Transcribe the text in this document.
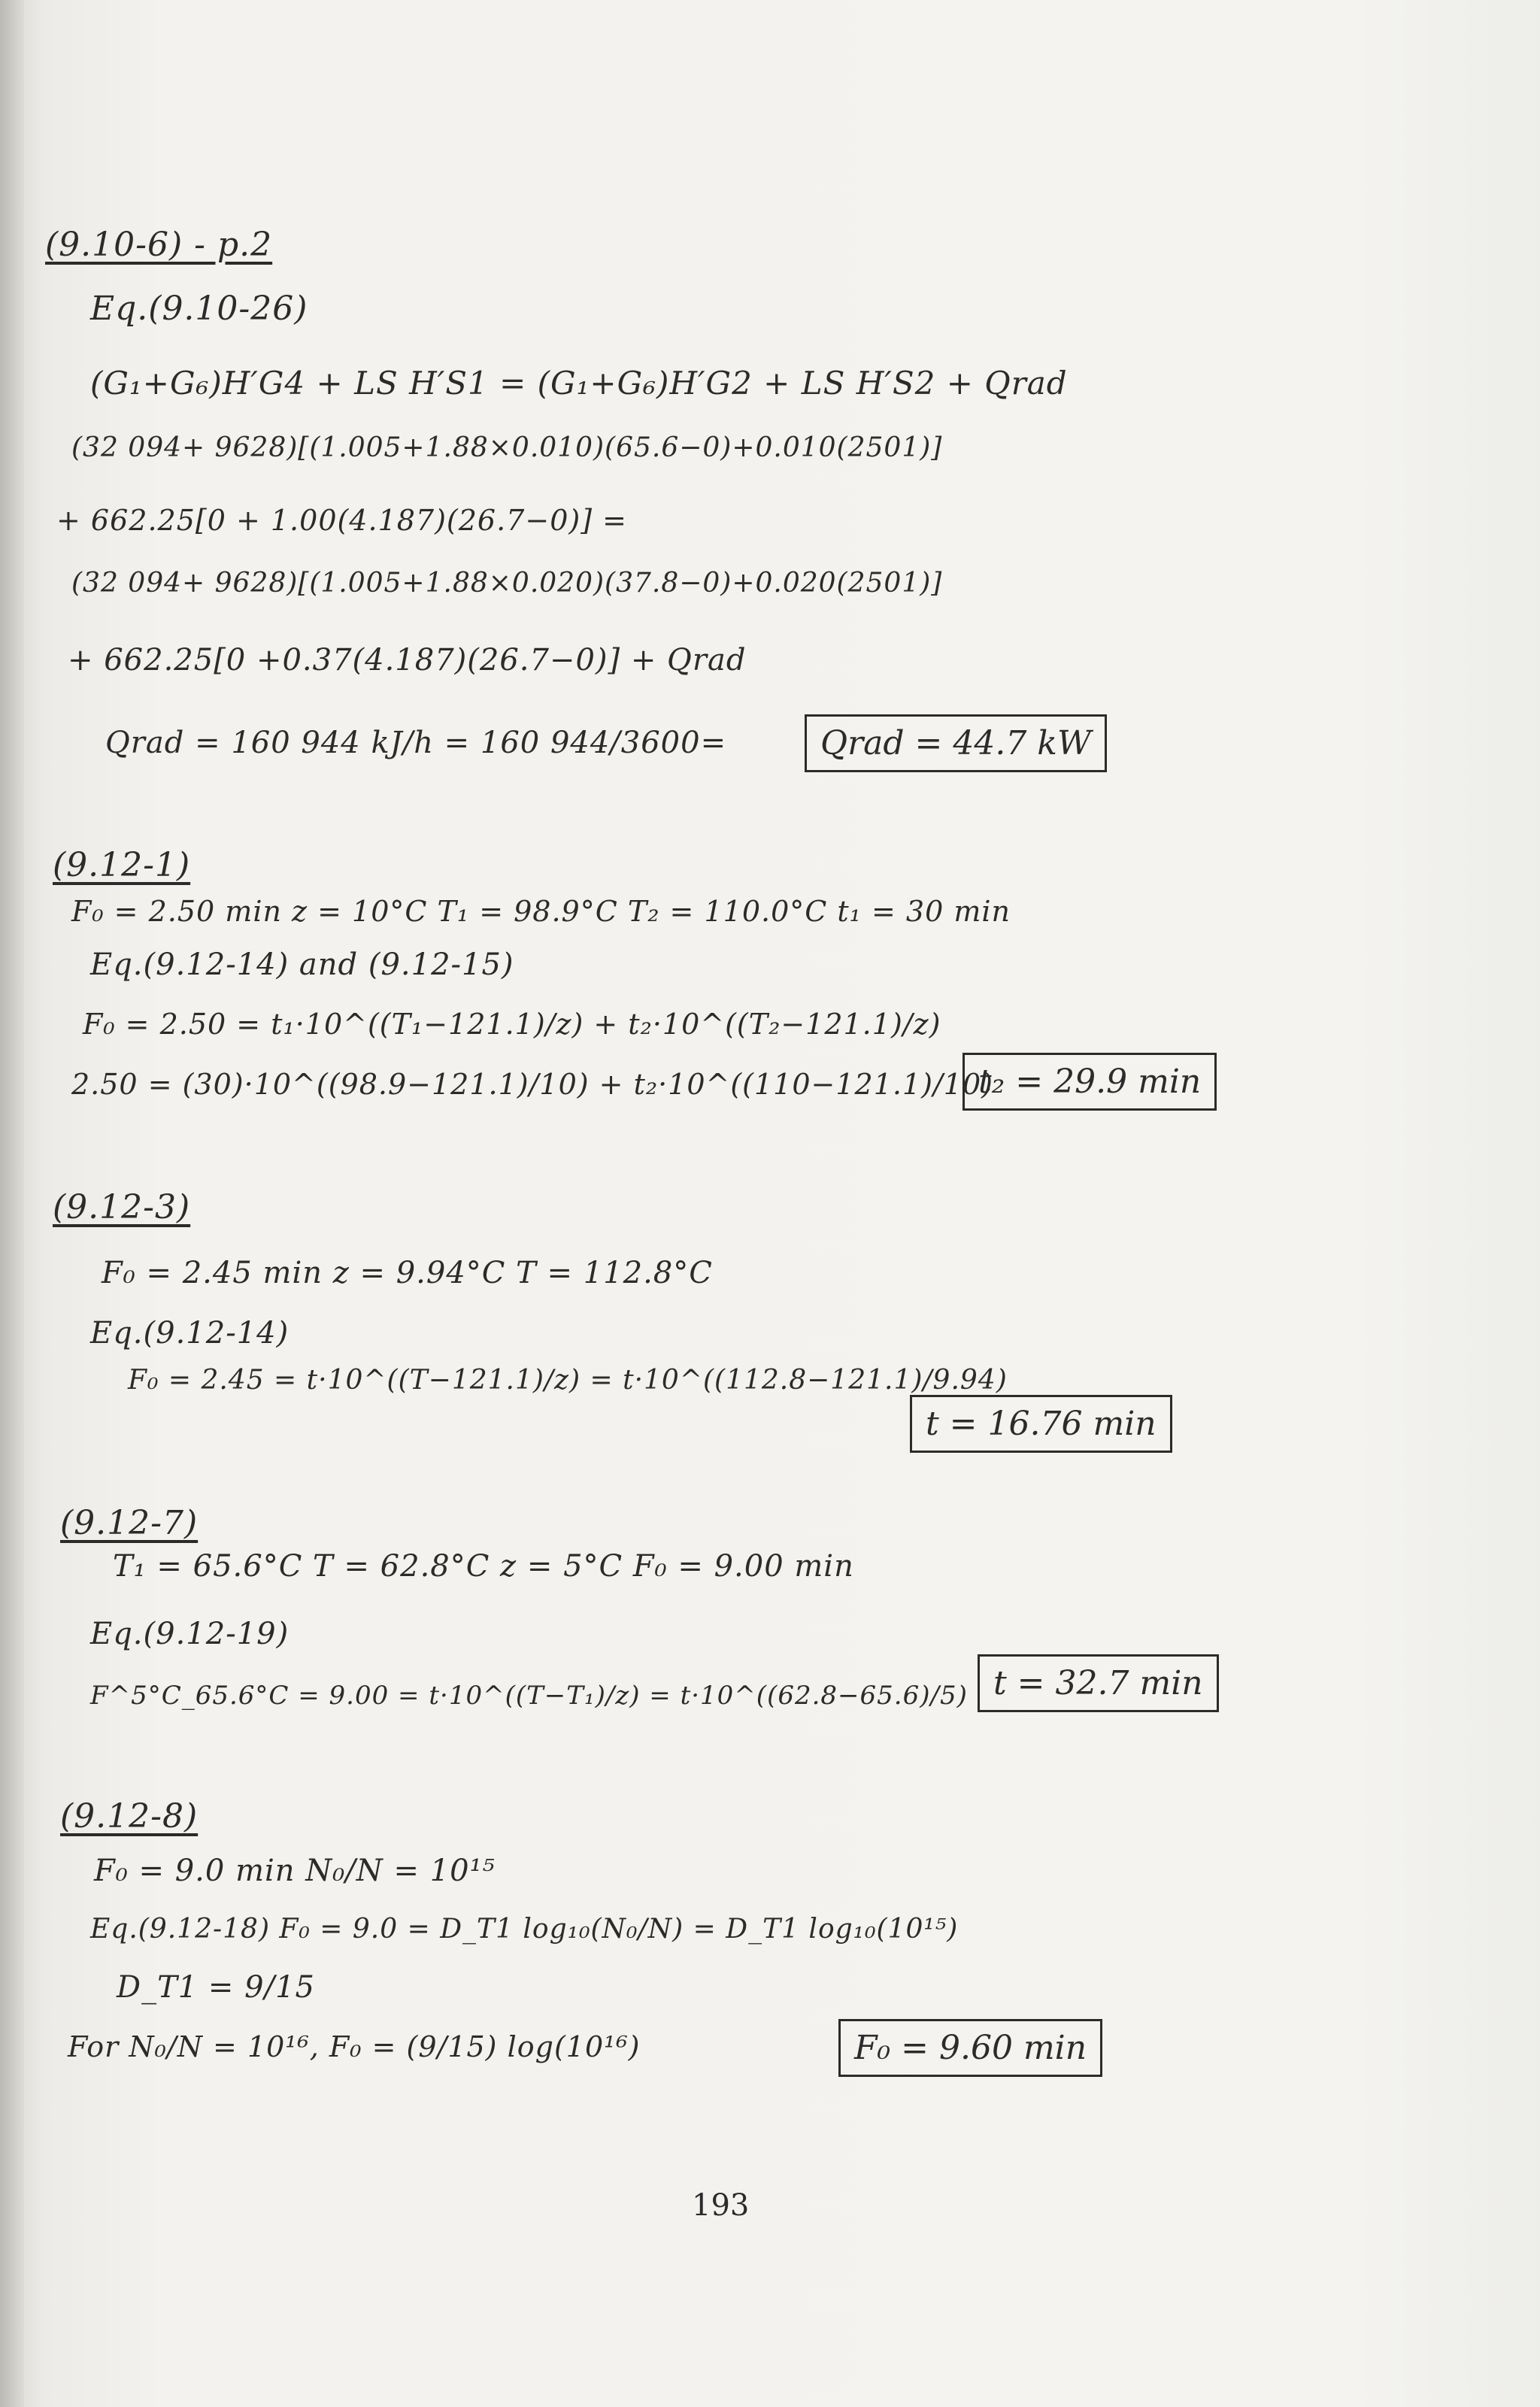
(9.10-6) - p.2
Eq.(9.10-26)
(G₁+G₆)H′G4 + LS H′S1 = (G₁+G₆)H′G2 + LS H′S2 + Qrad
(32 094+ 9628)[(1.005+1.88×0.010)(65.6−0)+0.010(2501)]
+ 662.25[0 + 1.00(4.187)(26.7−0)] =
(32 094+ 9628)[(1.005+1.88×0.020)(37.8−0)+0.020(2501)]
+ 662.25[0 +0.37(4.187)(26.7−0)] + Qrad
Qrad = 160 944 kJ/h = 160 944/3600=	Qrad = 44.7 kW
(9.12-1)
F₀ = 2.50 min z = 10°C T₁ = 98.9°C T₂ = 110.0°C t₁ = 30 min
Eq.(9.12-14) and (9.12-15)
F₀ = 2.50 = t₁·10^((T₁−121.1)/z) + t₂·10^((T₂−121.1)/z)
2.50 = (30)·10^((98.9−121.1)/10) + t₂·10^((110−121.1)/10)
t₂ = 29.9 min
(9.12-3)
F₀ = 2.45 min z = 9.94°C T = 112.8°C
Eq.(9.12-14)
F₀ = 2.45 = t·10^((T−121.1)/z) = t·10^((112.8−121.1)/9.94)
t = 16.76 min
(9.12-7)
T₁ = 65.6°C T = 62.8°C z = 5°C F₀ = 9.00 min
Eq.(9.12-19)
F^5°C_65.6°C = 9.00 = t·10^((T−T₁)/z) = t·10^((62.8−65.6)/5) t = 32.7 min
(9.12-8)
F₀ = 9.0 min N₀/N = 10¹⁵
Eq.(9.12-18) F₀ = 9.0 = D_T1 log₁₀(N₀/N) = D_T1 log₁₀(10¹⁵)
D_T1 = 9/15
For N₀/N = 10¹⁶, F₀ = (9/15) log(10¹⁶)	F₀ = 9.60 min
193
